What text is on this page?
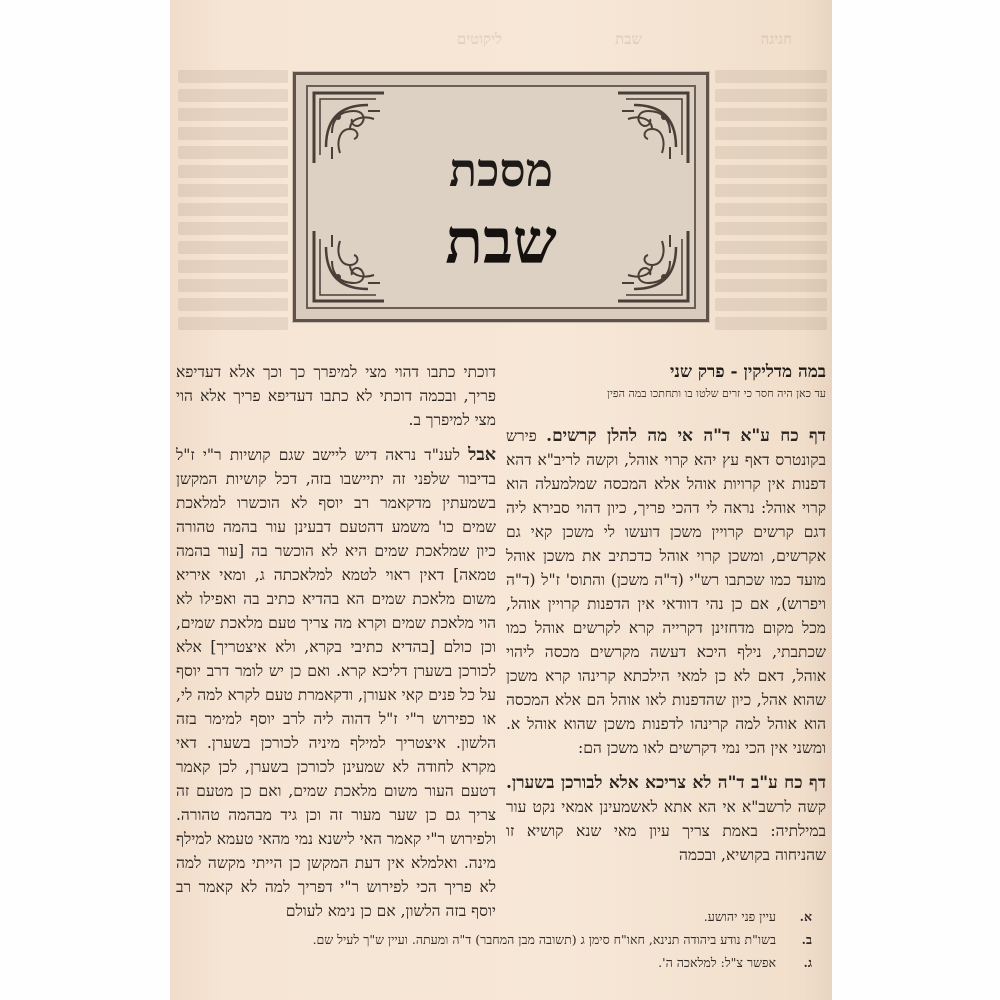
חגיגה
שבת
ליקוטים
מסכת
שבת
במה מדליקין - פרק שני
עד כאן היה חסר כי זרים שלטו בו ותחתכו במה הפין

דף כח ע"א ד"ה אי מה להלן קרשים. פירש בקונטרס דאף עץ יהא קרוי אוהל, וקשה לריב"א דהא דפנות אין קרויות אוהל אלא המכסה שמלמעלה הוא קרוי אוהל: נראה לי דהכי פריך, כיון דהוי סבירא ליה דגם קרשים קרויין משכן דועשו לי משכן קאי גם אקרשים, ומשכן קרוי אוהל כדכתיב את משכן אוהל מועד כמו שכתבו רש"י (ד"ה משכן) והתוס' ז"ל (ד"ה ויפרוש), אם כן נהי דוודאי אין הדפנות קרויין אוהל, מכל מקום מדחזינן דקרייה קרא לקרשים אוהל כמו שכתבתי, נילף היכא דעשה מקרשים מכסה ליהוי אוהל, דאם לא כן למאי הילכתא קרינהו קרא משכן שהוא אהל, כיון שהדפנות לאו אוהל הם אלא המכסה הוא אוהל למה קרינהו לדפנות משכן שהוא אוהל א. ומשני אין הכי נמי דקרשים לאו משכן הם:

דף כח ע"ב ד"ה לא צריכא אלא לבורכן בשערן. קשה לרשב"א אי הא אתא לאשמעינן אמאי נקט עור במילתיה: באמת צריך עיון מאי שנא קושיא זו שהניחוה בקושיא, ובכמה

דוכתי כתבו דהוי מצי למיפרך כך וכך אלא דעדיפא פריך, ובכמה דוכתי לא כתבו דעדיפא פריך אלא הוי מצי למיפרך ב.

אבל לענ"ד נראה דיש ליישב שגם קושיות ר"י ז"ל בדיבור שלפני זה יתיישבו בזה, דכל קושיות המקשן בשמעתין מדקאמר רב יוסף לא הוכשרו למלאכת שמים כו' משמע דהטעם דבעינן עור בהמה טהורה כיון שמלאכת שמים היא לא הוכשר בה [עור בהמה טמאה] דאין ראוי לטמא למלאכתה ג, ומאי איריא משום מלאכת שמים הא בהדיא כתיב בה ואפילו לא הוי מלאכת שמים וקרא מה צריך טעם מלאכת שמים, וכן כולם [בהדיא כתיבי בקרא, ולא איצטריך] אלא לכורכן בשערן דליכא קרא. ואם כן יש לומר דרב יוסף על כל פנים קאי אעורן, ודקאמרת טעם לקרא למה לי, או כפירוש ר"י ז"ל דהוה ליה לרב יוסף למימר בזה הלשון. איצטריך למילף מיניה לכורכן בשערן. דאי מקרא לחודה לא שמעינן לכורכן בשערן, לכן קאמר דטעם העור משום מלאכת שמים, ואם כן מטעם זה צריך גם כן שער מעור זה וכן גיד מבהמה טהורה. ולפירוש ר"י קאמר האי לישנא נמי מהאי טעמא למילף מינה. ואלמלא אין דעת המקשן כן הייתי מקשה למה לא פריך הכי לפירוש ר"י דפריך למה לא קאמר רב יוסף בזה הלשון, אם כן נימא לעולם	א.
עיין פני יהושע.
ב.
בשו"ת נודע ביהודה תנינא, חאו"ח סימן ג (תשובה מבן המחבר) ד"ה ומעתה. ועיין ש"ך לעיל שם.
ג.
אפשר צ"ל: למלאכה ה'.
